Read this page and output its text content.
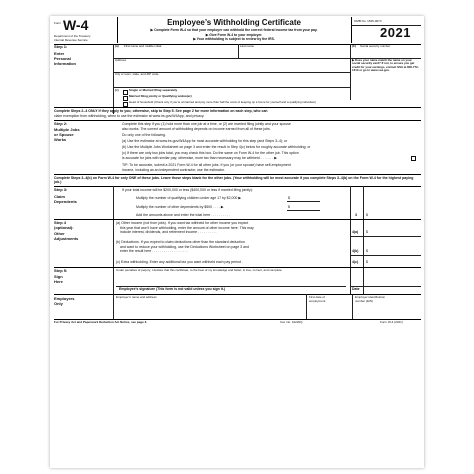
Form W-4
Department of the Treasury
Internal Revenue Service
Employee’s Withholding Certificate
▶ Complete Form W-4 so that your employer can withhold the correct federal income tax from your pay.
▶ Give Form W-4 to your employer.
▶ Your withholding is subject to review by the IRS.
OMB No. 1545-0074
2021
Step 1:
Enter
Personal
Information
(a) First name and middle initial	Last name	(b) Social security number
Address	▶ Does your name match the name on your social security card? If not, to ensure you get credit for your earnings, contact SSA at 800-772-1213 or go to www.ssa.gov.
City or town, state, and ZIP code
(c)	Single or Married filing separately
Married filing jointly or Qualifying widow(er)
Head of household (Check only if you’re unmarried and pay more than half the costs of keeping up a home for yourself and a qualifying individual.)
Complete Steps 2–4 ONLY if they apply to you; otherwise, skip to Step 5. See page 2 for more information on each step, who can
claim exemption from withholding, when to use the estimator at www.irs.gov/W4App, and privacy.
Step 2:
Multiple Jobs
or Spouse
Works
Complete this step if you (1) hold more than one job at a time, or (2) are married filing jointly and your spouse
also works. The correct amount of withholding depends on income earned from all of these jobs.
Do only one of the following.
(a) Use the estimator at www.irs.gov/W4App for most accurate withholding for this step (and Steps 3–4); or
(b) Use the Multiple Jobs Worksheet on page 3 and enter the result in Step 4(c) below for roughly accurate withholding; or
(c) If there are only two jobs total, you may check this box. Do the same on Form W-4 for the other job. This option
is accurate for jobs with similar pay; otherwise, more tax than necessary may be withheld . . . . . . . ▶
TIP: To be accurate, submit a 2021 Form W-4 for all other jobs. If you (or your spouse) have self-employment
income, including as an independent contractor, use the estimator.
Complete Steps 3–4(b) on Form W-4 for only ONE of these jobs. Leave those steps blank for the other jobs. (Your withholding will be most accurate if you complete Steps 3–4(b) on the Form W-4 for the highest paying job.)
Step 3:
Claim
Dependents
If your total income will be $200,000 or less ($400,000 or less if married filing jointly):
Multiply the number of qualifying children under age 17 by $2,000 ▶	$
Multiply the number of other dependents by $500 . . . . ▶	$
Add the amounts above and enter the total here . . . . . . . . . .	3	$
Step 4
(optional):
Other
Adjustments
(a) Other income (not from jobs). If you want tax withheld for other income you expect
this year that won’t have withholding, enter the amount of other income here. This may
include interest, dividends, and retirement income . . . . . . . . . .	4(a) $
(b) Deductions. If you expect to claim deductions other than the standard deduction
and want to reduce your withholding, use the Deductions Worksheet on page 3 and
enter the result here . . . . . . . . . . . . . . . . . . .	4(b) $
(c) Extra withholding. Enter any additional tax you want withheld each pay period .	4(c) $
Step 5:
Sign
Here
Under penalties of perjury, I declare that this certificate, to the best of my knowledge and belief, is true, correct, and complete.
Employee’s signature (This form is not valid unless you sign it.)	Date
Employers
Only
Employer’s name and address	First date of
employment
Employer identification
number (EIN)
For Privacy Act and Paperwork Reduction Act Notice, see page 3.	Cat. No. 10220Q	Form W-4 (2021)
